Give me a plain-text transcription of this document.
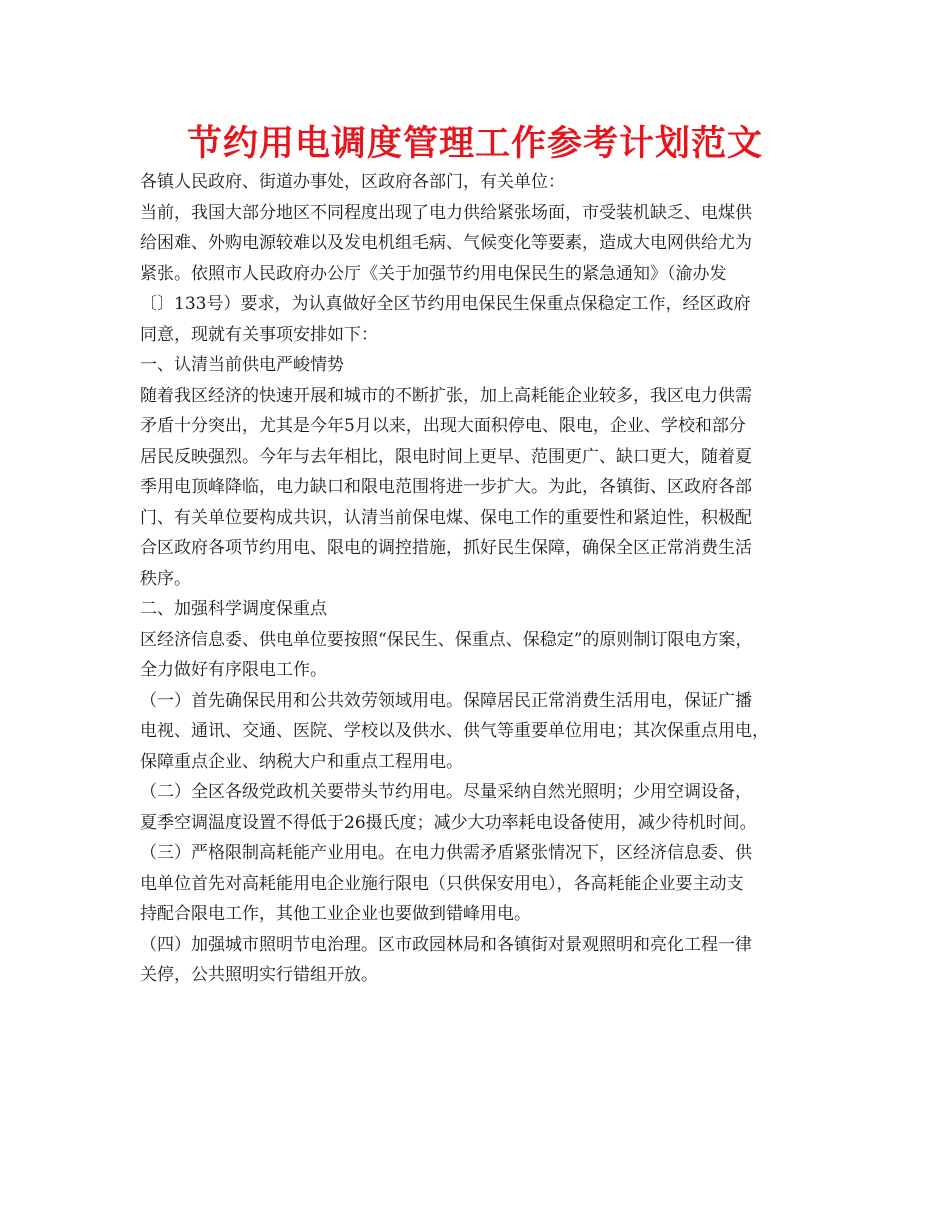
节约用电调度管理工作参考计划范文

各镇人民政府、街道办事处，区政府各部门，有关单位：

当前，我国大部分地区不同程度出现了电力供给紧张场面，市受装机缺乏、电煤供
给困难、外购电源较难以及发电机组毛病、气候变化等要素，造成大电网供给尤为
紧张。依照市人民政府办公厅《关于加强节约用电保民生的紧急通知》（渝办发
〔〕133号）要求，为认真做好全区节约用电保民生保重点保稳定工作，经区政府
同意，现就有关事项安排如下：

一、认清当前供电严峻情势

随着我区经济的快速开展和城市的不断扩张，加上高耗能企业较多，我区电力供需
矛盾十分突出，尤其是今年5月以来，出现大面积停电、限电，企业、学校和部分
居民反映强烈。今年与去年相比，限电时间上更早、范围更广、缺口更大，随着夏
季用电顶峰降临，电力缺口和限电范围将进一步扩大。为此，各镇街、区政府各部
门、有关单位要构成共识，认清当前保电煤、保电工作的重要性和紧迫性，积极配
合区政府各项节约用电、限电的调控措施，抓好民生保障，确保全区正常消费生活
秩序。

二、加强科学调度保重点

区经济信息委、供电单位要按照“保民生、保重点、保稳定”的原则制订限电方案，
全力做好有序限电工作。

（一）首先确保民用和公共效劳领域用电。保障居民正常消费生活用电，保证广播
电视、通讯、交通、医院、学校以及供水、供气等重要单位用电；其次保重点用电，
保障重点企业、纳税大户和重点工程用电。

（二）全区各级党政机关要带头节约用电。尽量采纳自然光照明；少用空调设备，
夏季空调温度设置不得低于26摄氏度；减少大功率耗电设备使用，减少待机时间。

（三）严格限制高耗能产业用电。在电力供需矛盾紧张情况下，区经济信息委、供
电单位首先对高耗能用电企业施行限电（只供保安用电），各高耗能企业要主动支
持配合限电工作，其他工业企业也要做到错峰用电。

（四）加强城市照明节电治理。区市政园林局和各镇街对景观照明和亮化工程一律
关停，公共照明实行错组开放。
